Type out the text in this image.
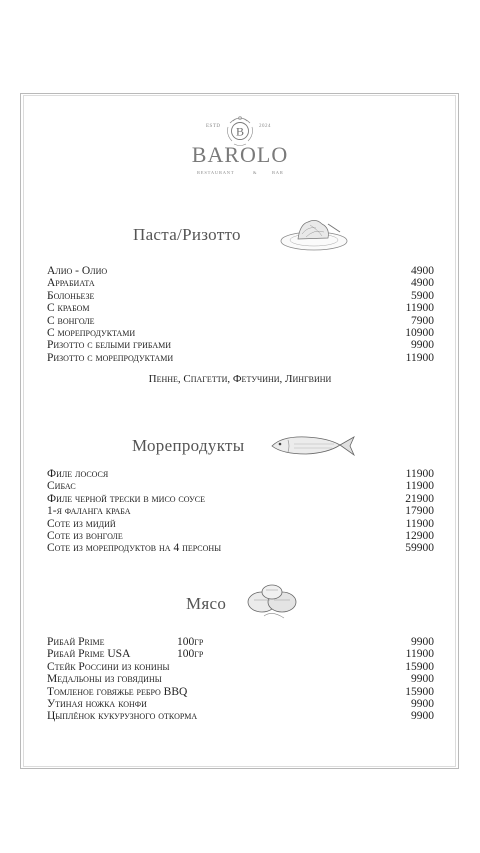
B
ESTD	2024
BAROLO
RESTAURANT	&	BAR
Паста/Ризотто
Алио - Олио	4900
Аррабиата	4900
Болоньезе	5900
С крабом	11900
С вонголе	7900
С морепродуктами	10900
Ризотто с белыми грибами	9900
Ризотто с морепродуктами	11900
Пенне, Спагетти, Фетучини, Лингвини
Морепродукты
Филе лосося	11900
Сибас	11900
Филе черной трески в мисо соусе	21900
1-я фаланга краба	17900
Соте из мидий	11900
Соте из вонголе	12900
Соте из морепродуктов на 4 персоны	59900
Мясо
Рибай Prime	100гр	9900
Рибай Prime USA	100гр	11900
Стейк Россини из конины	15900
Медальоны из говядины	9900
Томленое говяжье ребро BBQ	15900
Утиная ножка конфи	9900
Цыплёнок кукурузного откорма	9900
